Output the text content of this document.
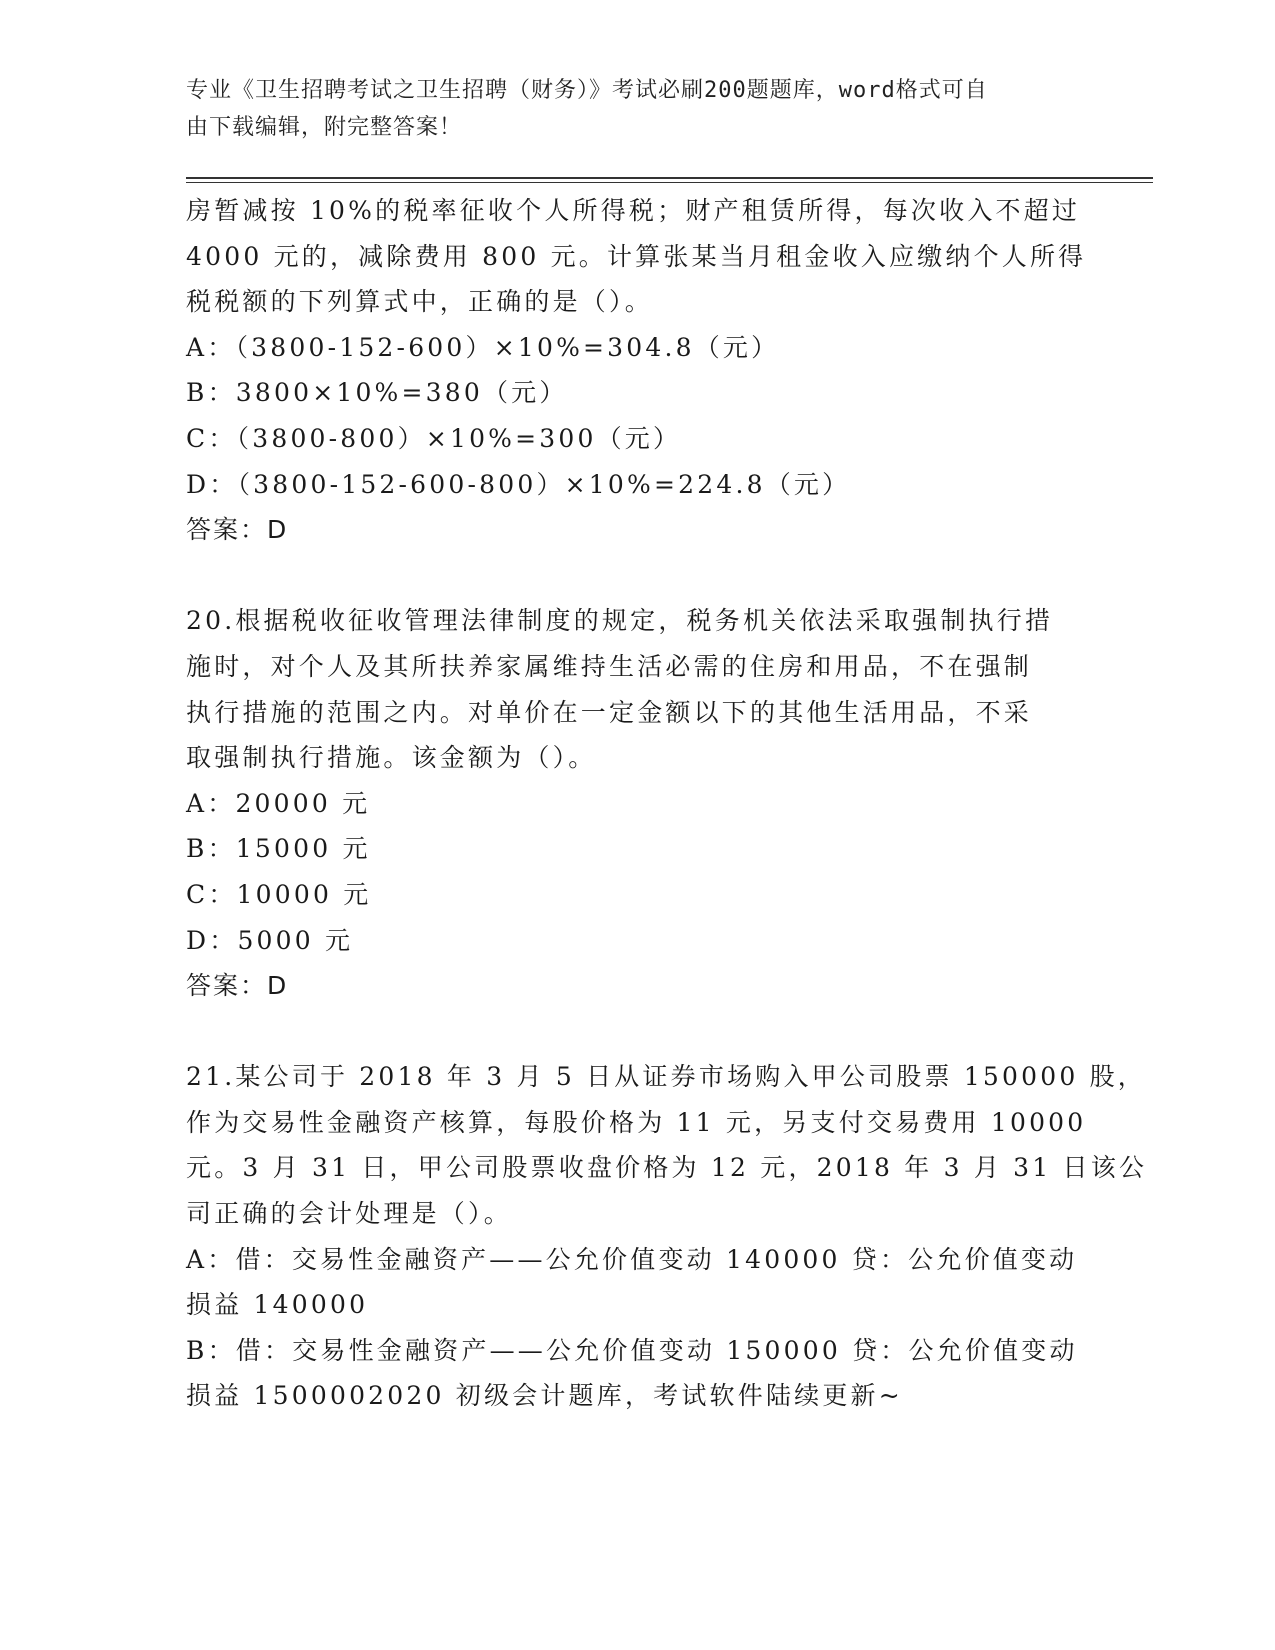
专业《卫生招聘考试之卫生招聘（财务）》考试必刷200题题库，word格式可自
由下载编辑，附完整答案！
房暂减按 10%的税率征收个人所得税；财产租赁所得，每次收入不超过
4000 元的，减除费用 800 元。计算张某当月租金收入应缴纳个人所得
税税额的下列算式中，正确的是（）。
A：（3800-152-600）×10%=304.8（元）
B：3800×10%=380（元）
C：（3800-800）×10%=300（元）
D：（3800-152-600-800）×10%=224.8（元）
答案：D
20.根据税收征收管理法律制度的规定，税务机关依法采取强制执行措
施时，对个人及其所扶养家属维持生活必需的住房和用品，不在强制
执行措施的范围之内。对单价在一定金额以下的其他生活用品，不采
取强制执行措施。该金额为（）。
A：20000 元
B：15000 元
C：10000 元
D：5000 元
答案：D
21.某公司于 2018 年 3 月 5 日从证券市场购入甲公司股票 150000 股，
作为交易性金融资产核算，每股价格为 11 元，另支付交易费用 10000
元。3 月 31 日，甲公司股票收盘价格为 12 元，2018 年 3 月 31 日该公
司正确的会计处理是（）。
A：借：交易性金融资产——公允价值变动 140000 贷：公允价值变动
损益 140000
B：借：交易性金融资产——公允价值变动 150000 贷：公允价值变动
损益 1500002020 初级会计题库，考试软件陆续更新~
